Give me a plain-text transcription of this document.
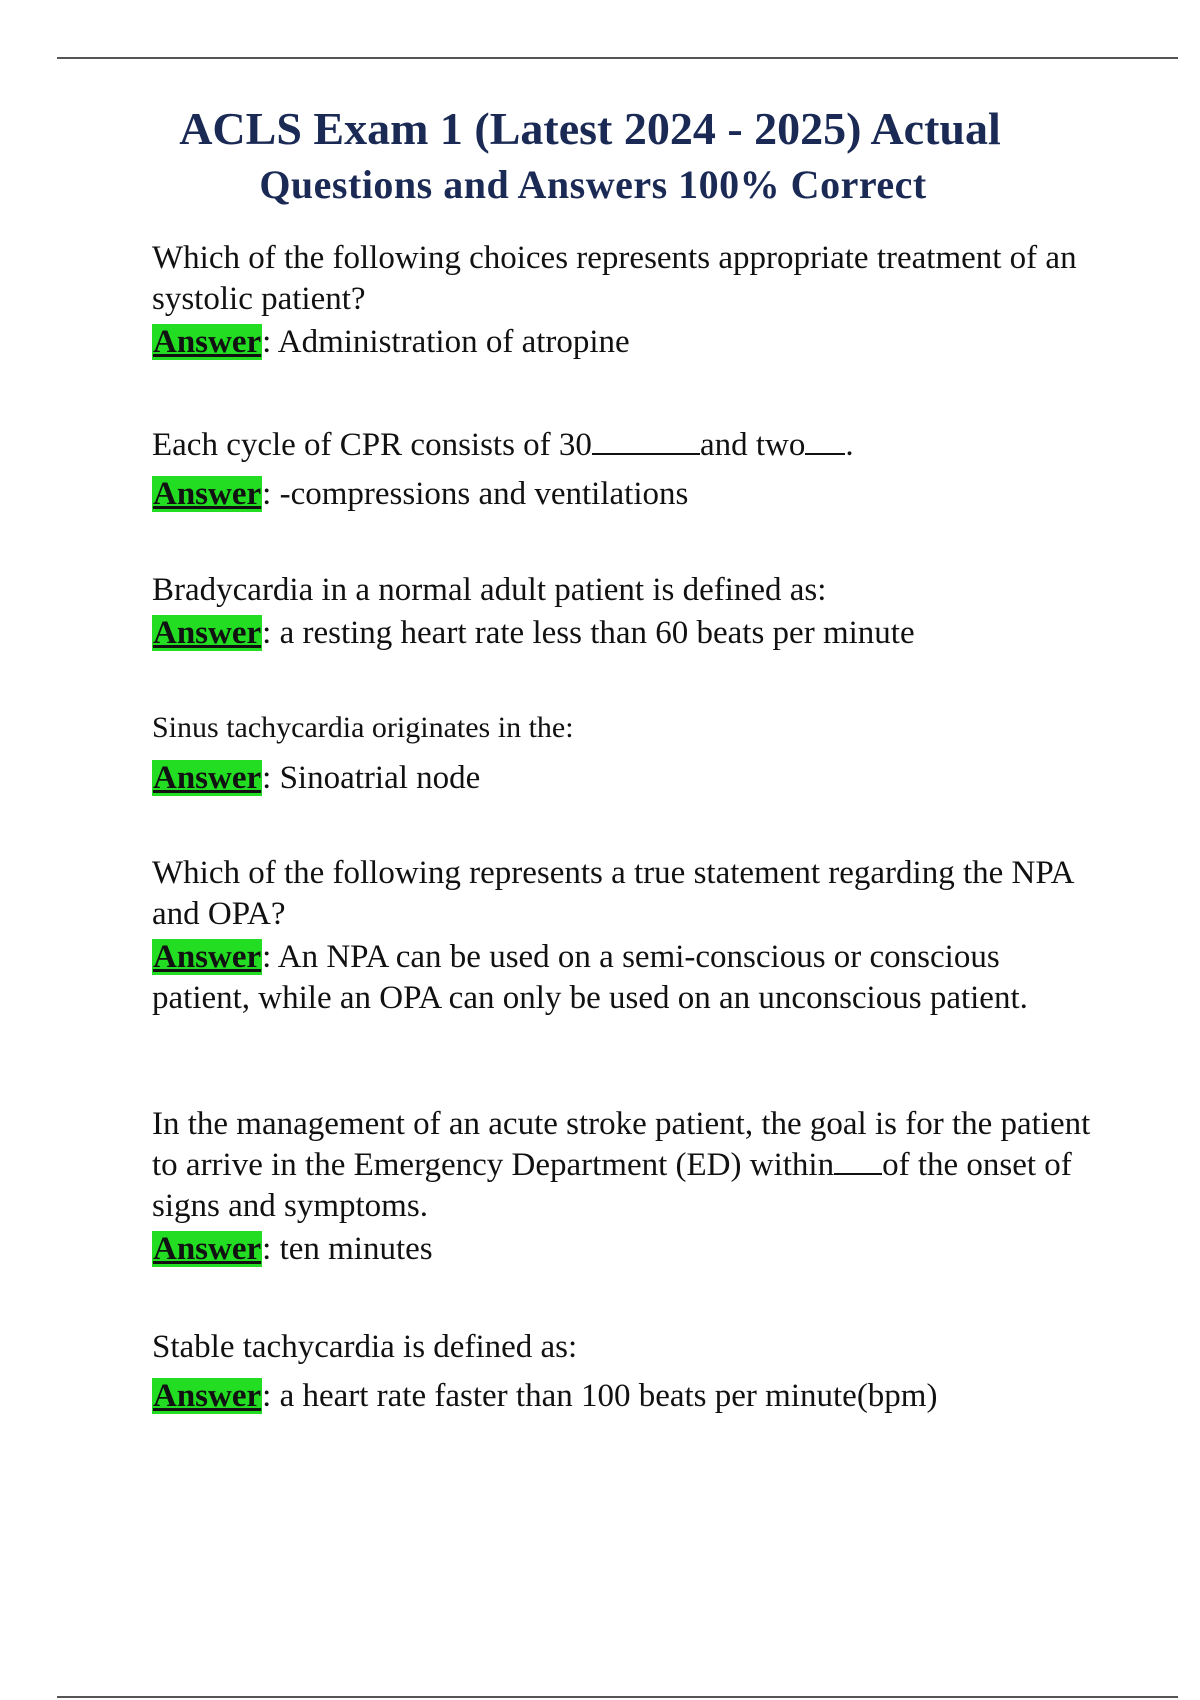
ACLS Exam 1 (Latest 2024 - 2025) Actual
Questions and Answers 100% Correct

Which of the following choices represents appropriate treatment of an systolic patient?

Answer: Administration of atropine

Each cycle of CPR consists of 30	and two .

Answer: -compressions and ventilations

Bradycardia in a normal adult patient is defined as:

Answer: a resting heart rate less than 60 beats per minute

Sinus tachycardia originates in the:

Answer: Sinoatrial node

Which of the following represents a true statement regarding the NPA and OPA?

Answer: An NPA can be used on a semi-conscious or conscious patient, while an OPA can only be used on an unconscious patient.

In the management of an acute stroke patient, the goal is for the patient to arrive in the Emergency Department (ED) within of the onset of signs and symptoms.

Answer: ten minutes

Stable tachycardia is defined as:

Answer: a heart rate faster than 100 beats per minute(bpm)
